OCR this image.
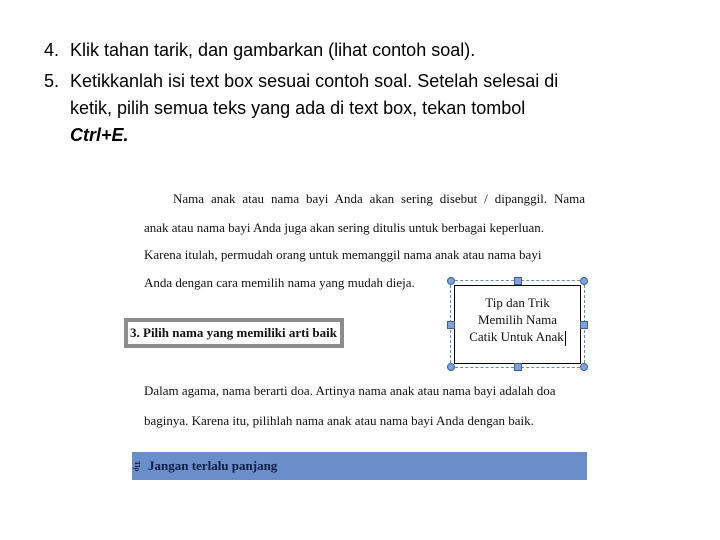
4. Klik tahan tarik, dan gambarkan (lihat contoh soal).
5. Ketikkanlah isi text box sesuai contoh soal. Setelah selesai di
ketik, pilih semua teks yang ada di text box, tekan tombol
Ctrl+E.
Nama anak atau nama bayi Anda akan sering disebut / dipanggil. Nama
anak atau nama bayi Anda juga akan sering ditulis untuk berbagai keperluan.
Karena itulah, permudah orang untuk memanggil nama anak atau nama bayi
Anda dengan cara memilih nama yang mudah dieja.
3. Pilih nama yang memiliki arti baik
Tip dan Trik
Memilih Nama
Catik Untuk Anak
Dalam agama, nama berarti doa. Artinya nama anak atau nama bayi adalah doa
baginya. Karena itu, pilihlah nama anak atau nama bayi Anda dengan baik.
Tip Jangan terlalu panjang
